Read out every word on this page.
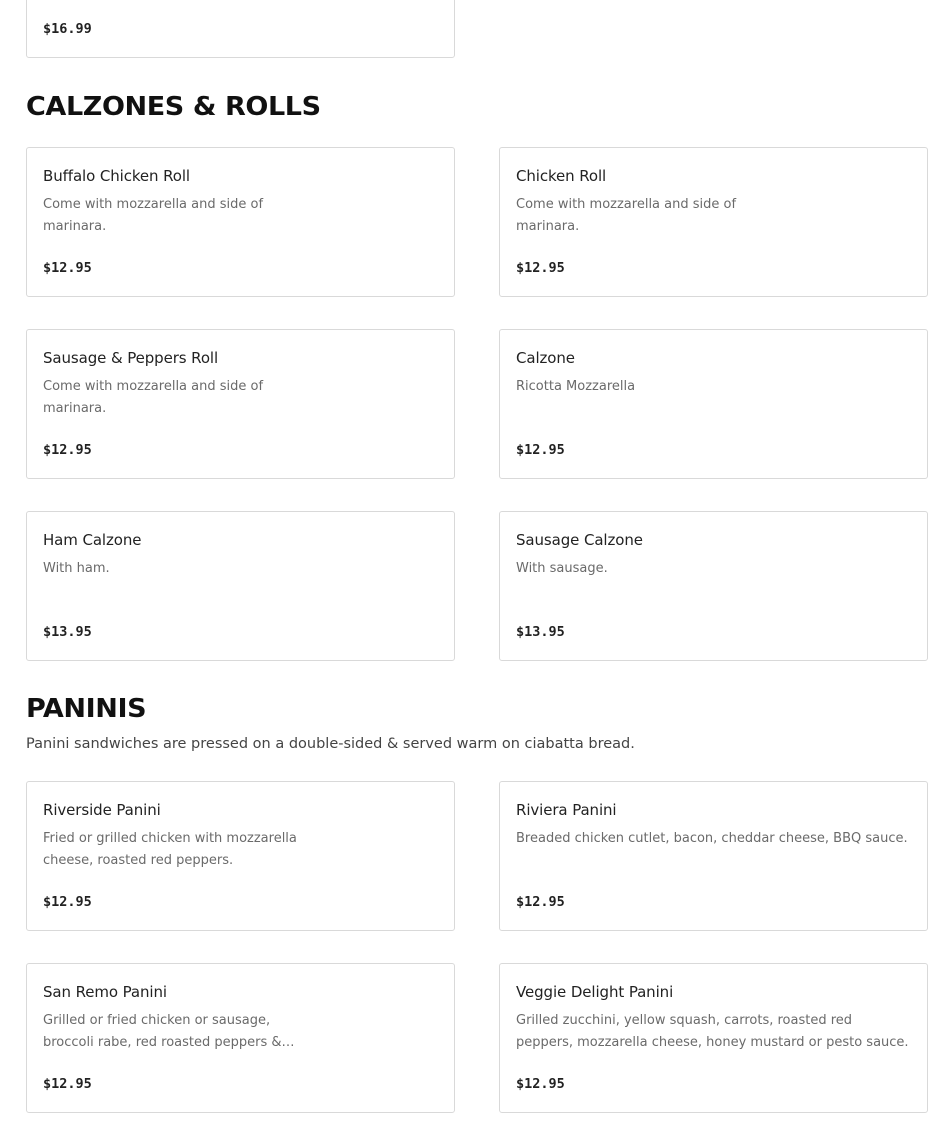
$16.99
CALZONES & ROLLS
Buffalo Chicken Roll
Come with mozzarella and side of marinara.
$12.95
Chicken Roll
Come with mozzarella and side of marinara.
$12.95
Sausage & Peppers Roll
Come with mozzarella and side of marinara.
$12.95
Calzone
Ricotta Mozzarella
$12.95
Ham Calzone
With ham.
$13.95
Sausage Calzone
With sausage.
$13.95
PANINIS
Panini sandwiches are pressed on a double-sided & served warm on ciabatta bread.
Riverside Panini
Fried or grilled chicken with mozzarella cheese, roasted red peppers.
$12.95
Riviera Panini
Breaded chicken cutlet, bacon, cheddar cheese, BBQ sauce.
$12.95
San Remo Panini
Grilled or fried chicken or sausage, broccoli rabe, red roasted peppers &…
$12.95
Veggie Delight Panini
Grilled zucchini, yellow squash, carrots, roasted red peppers, mozzarella cheese, honey mustard or pesto sauce.
$12.95
